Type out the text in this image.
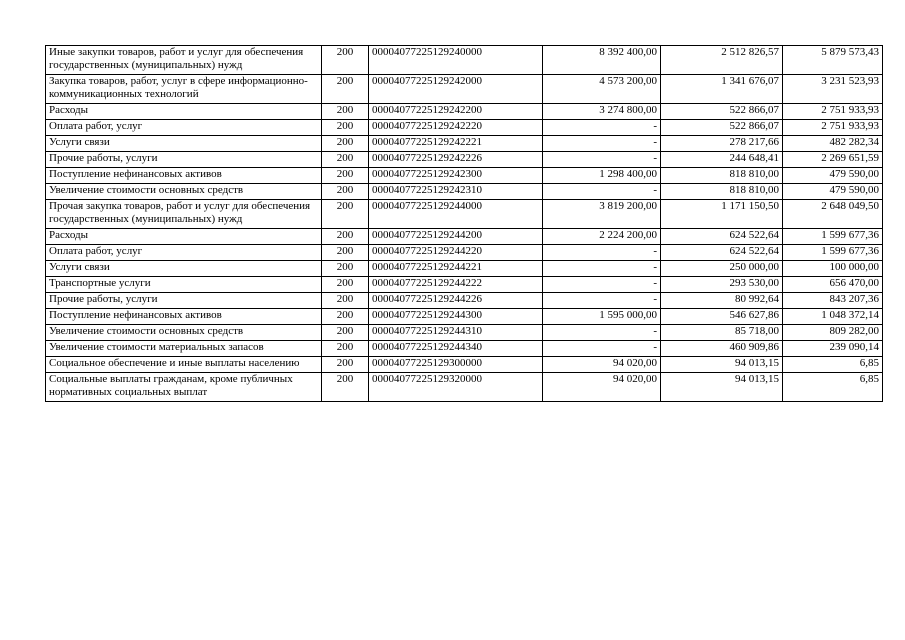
Иные закупки товаров, работ и услуг для обеспечения государственных (муниципальных) нужд	200	00004077225129240000	8 392 400,00	2 512 826,57	5 879 573,43
Закупка товаров, работ, услуг в сфере информационно-коммуникационных технологий	200	00004077225129242000	4 573 200,00	1 341 676,07	3 231 523,93
Расходы	200	00004077225129242200	3 274 800,00	522 866,07	2 751 933,93
Оплата работ, услуг	200	00004077225129242220	-	522 866,07	2 751 933,93
Услуги связи	200	00004077225129242221	-	278 217,66	482 282,34
Прочие работы, услуги	200	00004077225129242226	-	244 648,41	2 269 651,59
Поступление нефинансовых активов	200	00004077225129242300	1 298 400,00	818 810,00	479 590,00
Увеличение стоимости основных средств	200	00004077225129242310	-	818 810,00	479 590,00
Прочая закупка товаров, работ и услуг для обеспечения государственных (муниципальных) нужд	200	00004077225129244000	3 819 200,00	1 171 150,50	2 648 049,50
Расходы	200	00004077225129244200	2 224 200,00	624 522,64	1 599 677,36
Оплата работ, услуг	200	00004077225129244220	-	624 522,64	1 599 677,36
Услуги связи	200	00004077225129244221	-	250 000,00	100 000,00
Транспортные услуги	200	00004077225129244222	-	293 530,00	656 470,00
Прочие работы, услуги	200	00004077225129244226	-	80 992,64	843 207,36
Поступление нефинансовых активов	200	00004077225129244300	1 595 000,00	546 627,86	1 048 372,14
Увеличение стоимости основных средств	200	00004077225129244310	-	85 718,00	809 282,00
Увеличение стоимости материальных запасов	200	00004077225129244340	-	460 909,86	239 090,14
Социальное обеспечение и иные выплаты населению	200	00004077225129300000	94 020,00	94 013,15	6,85
Социальные выплаты гражданам, кроме публичных нормативных социальных выплат	200	00004077225129320000	94 020,00	94 013,15	6,85
